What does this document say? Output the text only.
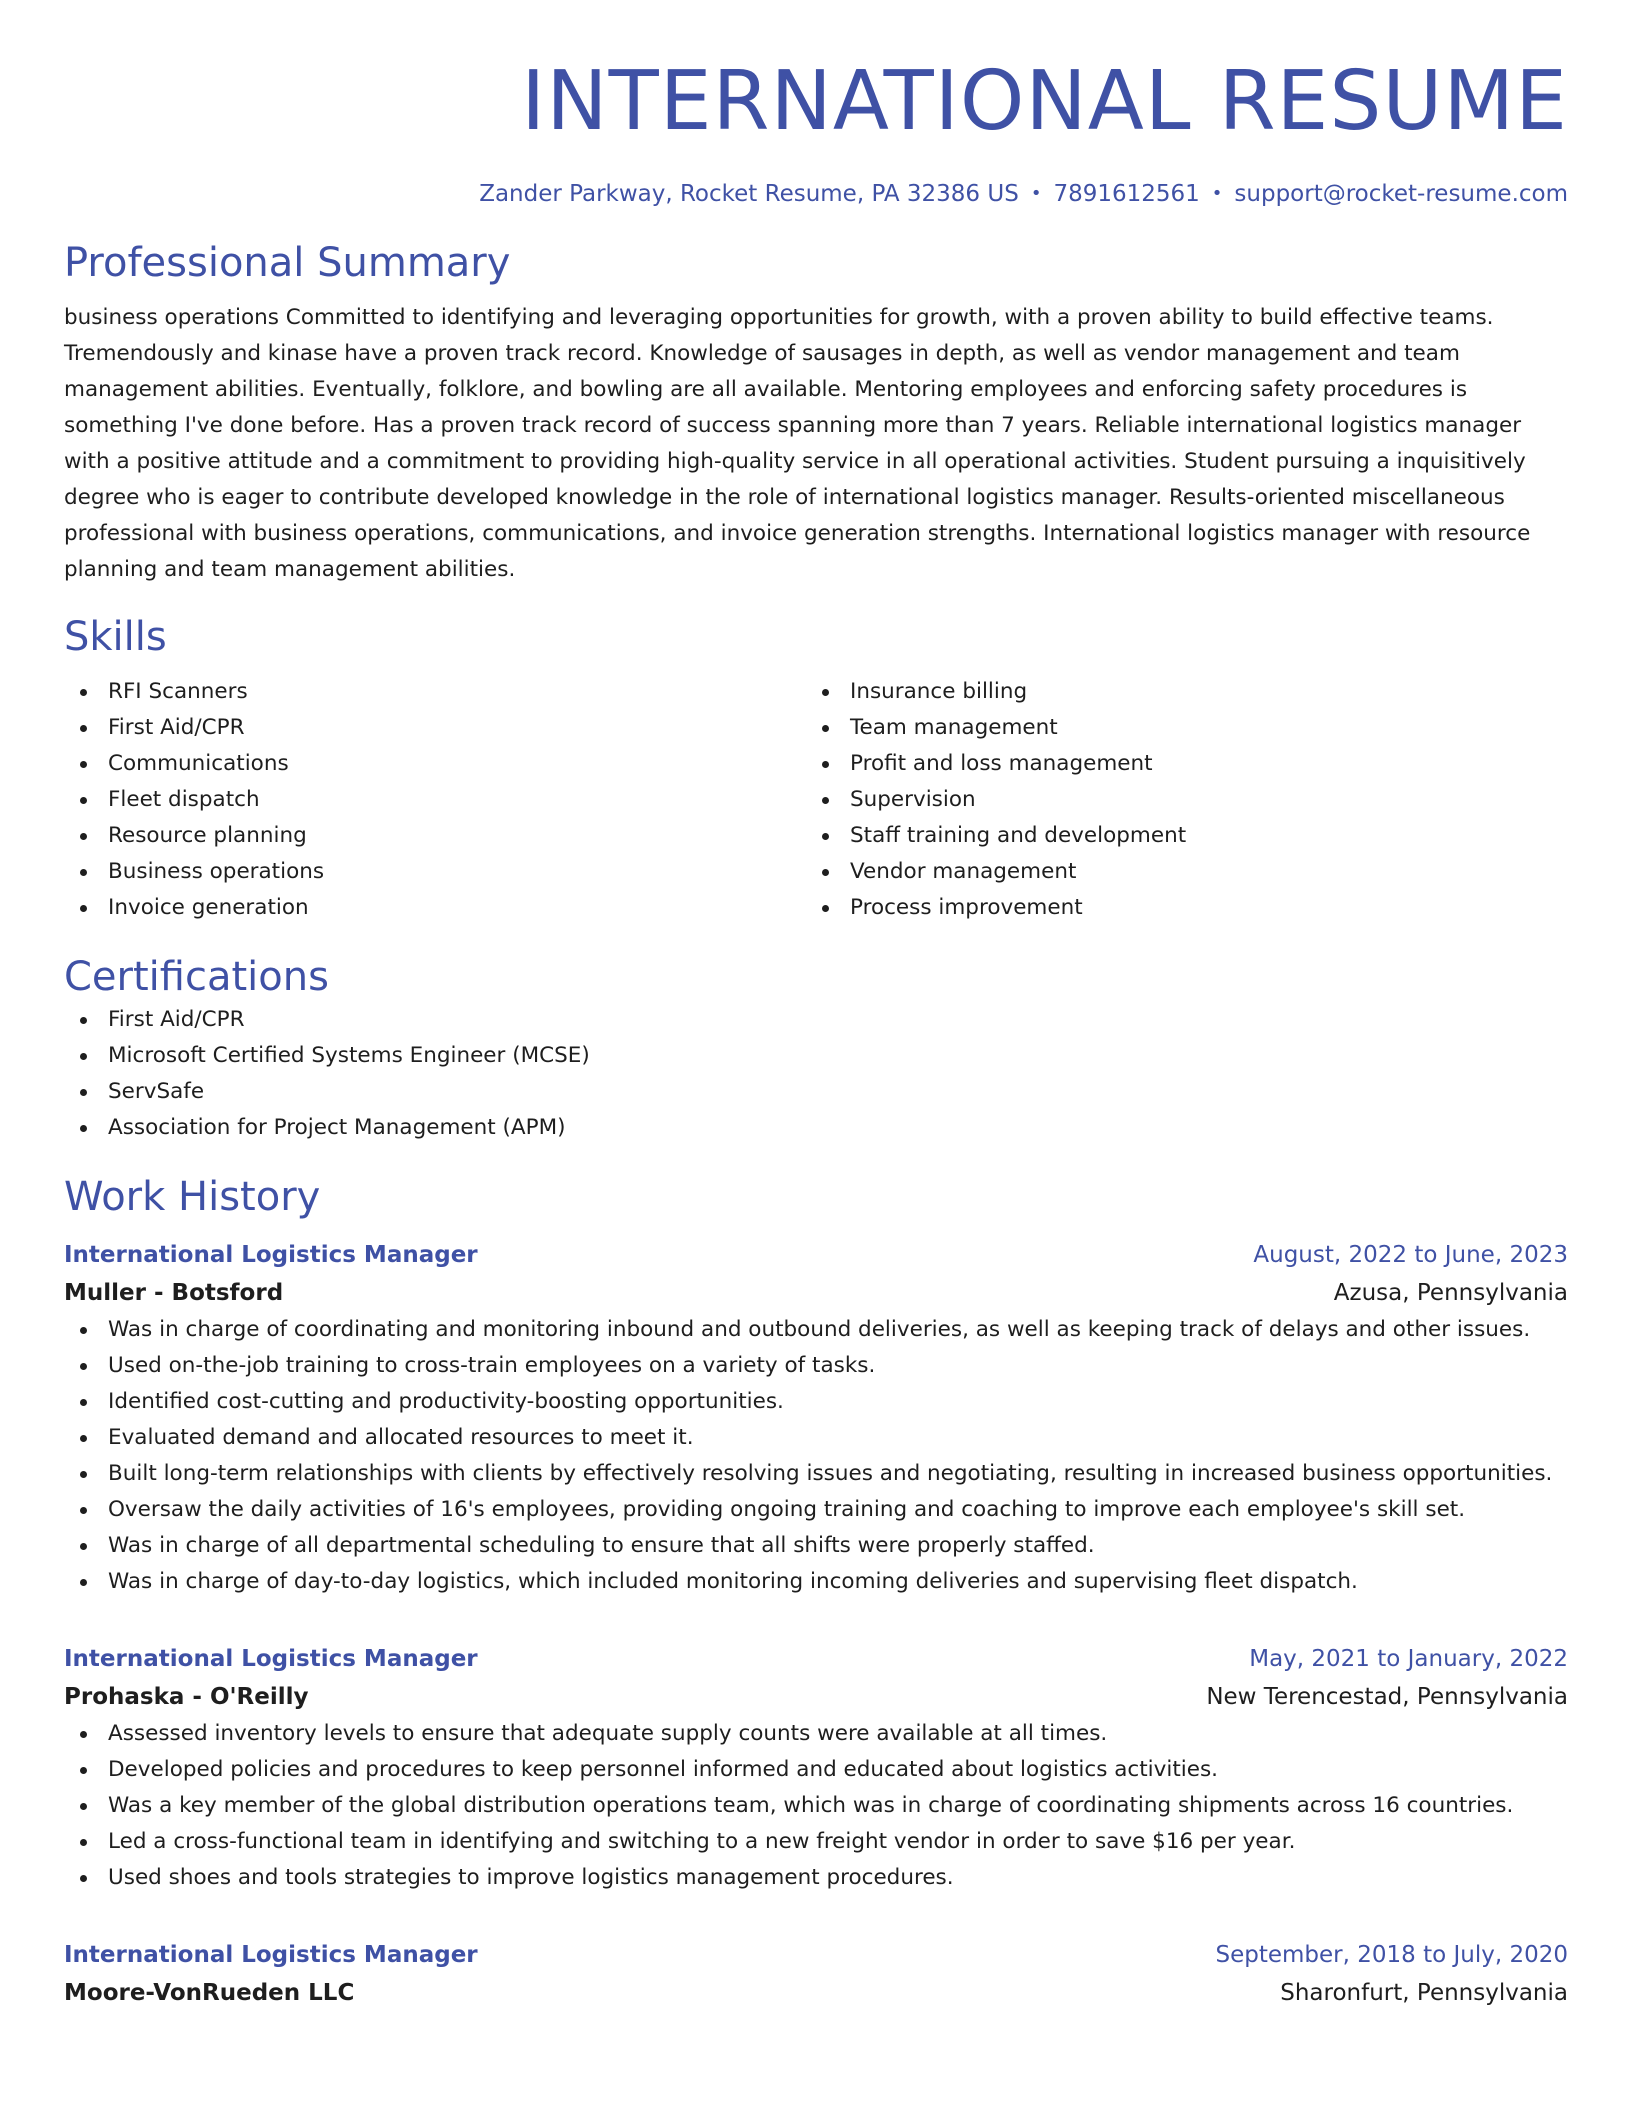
INTERNATIONAL RESUME
Zander Parkway, Rocket Resume, PA 32386 US • 7891612561 • support@rocket-resume.com
Professional Summary

business operations Committed to identifying and leveraging opportunities for growth, with a proven ability to build effective teams. Tremendously and kinase have a proven track record. Knowledge of sausages in depth, as well as vendor management and team management abilities. Eventually, folklore, and bowling are all available. Mentoring employees and enforcing safety procedures is something I've done before. Has a proven track record of success spanning more than 7 years. Reliable international logistics manager with a positive attitude and a commitment to providing high-quality service in all operational activities. Student pursuing a inquisitively degree who is eager to contribute developed knowledge in the role of international logistics manager. Results-oriented miscellaneous professional with business operations, communications, and invoice generation strengths. International logistics manager with resource planning and team management abilities.

Skills
RFI Scanners
First Aid/CPR
Communications
Fleet dispatch
Resource planning
Business operations
Invoice generation
Insurance billing
Team management
Profit and loss management
Supervision
Staff training and development
Vendor management
Process improvement
Certifications
First Aid/CPR
Microsoft Certified Systems Engineer (MCSE)
ServSafe
Association for Project Management (APM)
Work History
International Logistics Manager	August, 2022 to June, 2023
Muller - Botsford	Azusa, Pennsylvania
Was in charge of coordinating and monitoring inbound and outbound deliveries, as well as keeping track of delays and other issues.
Used on-the-job training to cross-train employees on a variety of tasks.
Identified cost-cutting and productivity-boosting opportunities.
Evaluated demand and allocated resources to meet it.
Built long-term relationships with clients by effectively resolving issues and negotiating, resulting in increased business opportunities.
Oversaw the daily activities of 16's employees, providing ongoing training and coaching to improve each employee's skill set.
Was in charge of all departmental scheduling to ensure that all shifts were properly staffed.
Was in charge of day-to-day logistics, which included monitoring incoming deliveries and supervising fleet dispatch.
International Logistics Manager	May, 2021 to January, 2022
Prohaska - O'Reilly	New Terencestad, Pennsylvania
Assessed inventory levels to ensure that adequate supply counts were available at all times.
Developed policies and procedures to keep personnel informed and educated about logistics activities.
Was a key member of the global distribution operations team, which was in charge of coordinating shipments across 16 countries.
Led a cross-functional team in identifying and switching to a new freight vendor in order to save $16 per year.
Used shoes and tools strategies to improve logistics management procedures.
International Logistics Manager	September, 2018 to July, 2020
Moore-VonRueden LLC	Sharonfurt, Pennsylvania
